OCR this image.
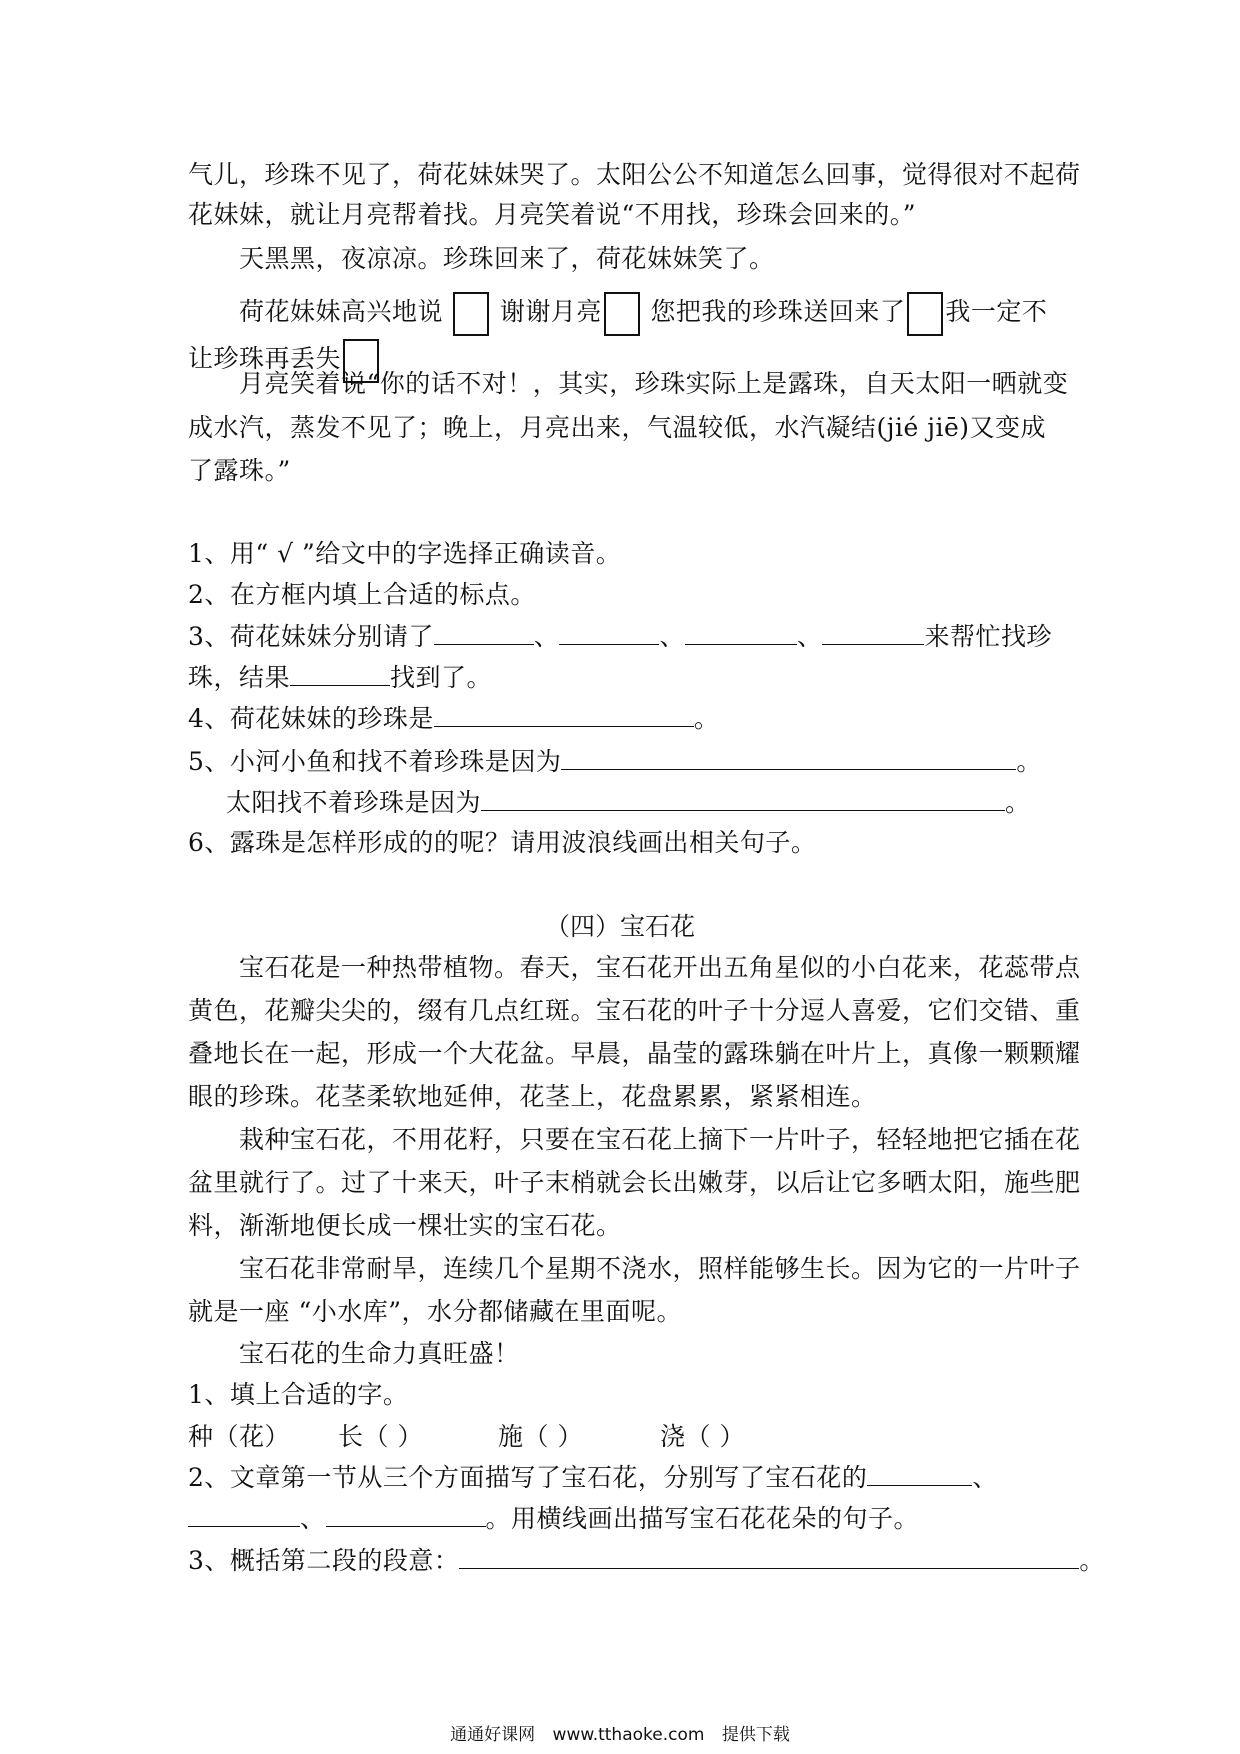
气儿，珍珠不见了，荷花妹妹哭了。太阳公公不知道怎么回事，觉得很对不起荷
花妹妹，就让月亮帮着找。月亮笑着说“不用找，珍珠会回来的。”
天黑黑，夜凉凉。珍珠回来了，荷花妹妹笑了。
荷花妹妹高兴地说 谢谢月亮 您把我的珍珠送回来了 我一定不
让珍珠再丢失
月亮笑着说“你的话不对！，其实，珍珠实际上是露珠，自天太阳一晒就变
成水汽，蒸发不见了；晚上，月亮出来，气温较低，水汽凝结(jié jiē)又变成
了露珠。”
1、用“ √ ”给文中的字选择正确读音。
2、在方框内填上合适的标点。
3、荷花妹妹分别请了	、	、	、	来帮忙找珍
珠，结果	找到了。
4、荷花妹妹的珍珠是	。
5、小河小鱼和找不着珍珠是因为	。
太阳找不着珍珠是因为	。
6、露珠是怎样形成的的呢？请用波浪线画出相关句子。
（四）宝石花
宝石花是一种热带植物。春天，宝石花开出五角星似的小白花来，花蕊带点
黄色，花瓣尖尖的，缀有几点红斑。宝石花的叶子十分逗人喜爱，它们交错、重
叠地长在一起，形成一个大花盆。早晨，晶莹的露珠躺在叶片上，真像一颗颗耀
眼的珍珠。花茎柔软地延伸，花茎上，花盘累累，紧紧相连。
栽种宝石花，不用花籽，只要在宝石花上摘下一片叶子，轻轻地把它插在花
盆里就行了。过了十来天，叶子末梢就会长出嫩芽，以后让它多晒太阳，施些肥
料，渐渐地便长成一棵壮实的宝石花。
宝石花非常耐旱，连续几个星期不浇水，照样能够生长。因为它的一片叶子
就是一座 “小水库”，水分都储藏在里面呢。
宝石花的生命力真旺盛！
1、填上合适的字。
种（花） 长（ ）	施（ ）	浇（ ）
2、文章第一节从三个方面描写了宝石花，分别写了宝石花的	、
、	。用横线画出描写宝石花花朵的句子。
3、概括第二段的段意：	。
通通好课网 www.tthaoke.com 提供下载
